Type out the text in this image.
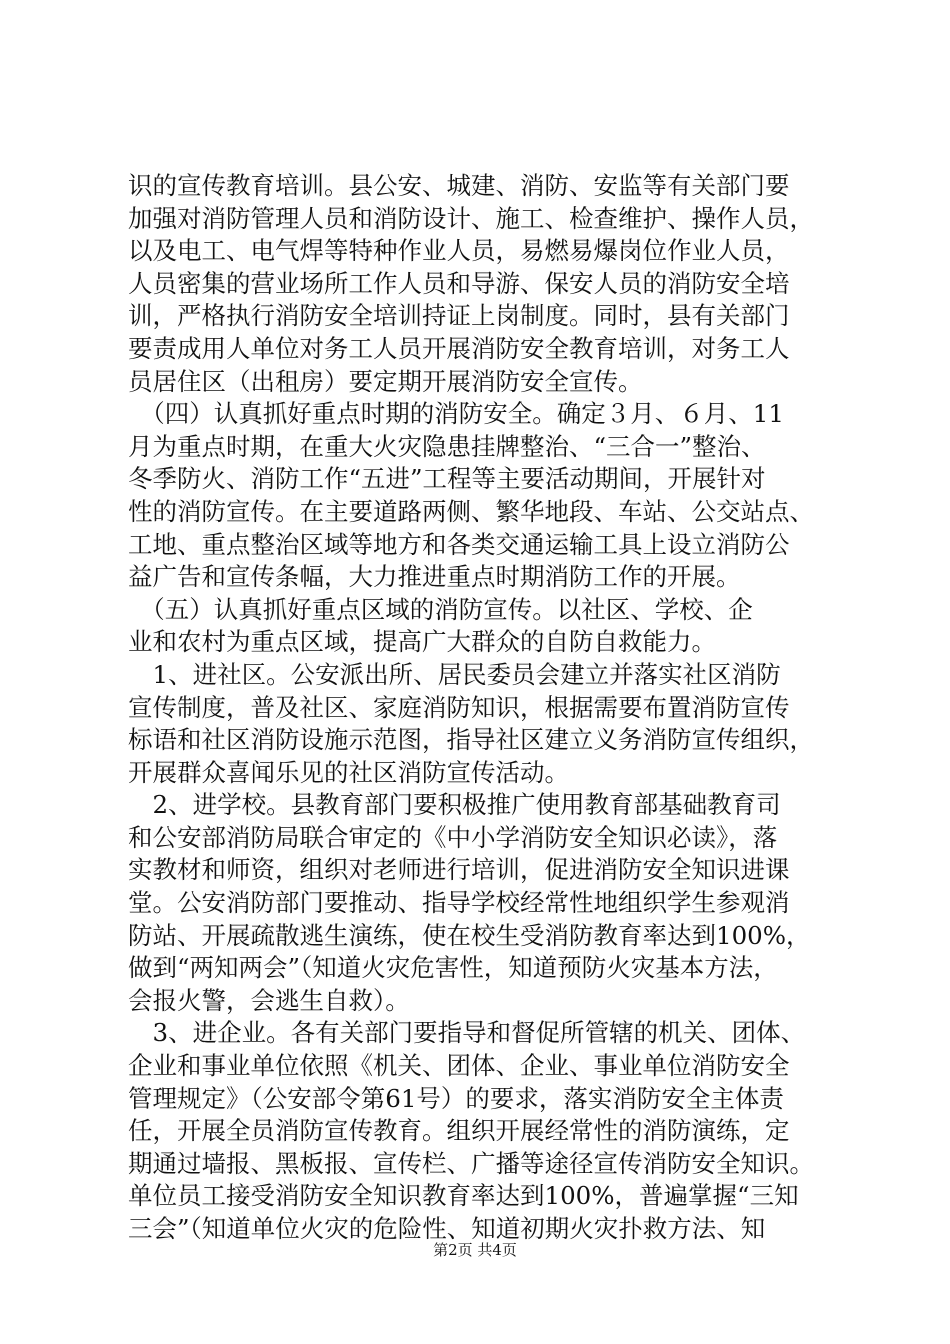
识的宣传教育培训。县公安、城建、消防、安监等有关部门要
加强对消防管理人员和消防设计、施工、检查维护、操作人员，
以及电工、电气焊等特种作业人员，易燃易爆岗位作业人员，
人员密集的营业场所工作人员和导游、保安人员的消防安全培
训，严格执行消防安全培训持证上岗制度。同时，县有关部门
要责成用人单位对务工人员开展消防安全教育培训，对务工人
员居住区（出租房）要定期开展消防安全宣传。
　（四）认真抓好重点时期的消防安全。确定３月、６月、11
月为重点时期，在重大火灾隐患挂牌整治、“三合一”整治、
冬季防火、消防工作“五进”工程等主要活动期间，开展针对
性的消防宣传。在主要道路两侧、繁华地段、车站、公交站点、
工地、重点整治区域等地方和各类交通运输工具上设立消防公
益广告和宣传条幅，大力推进重点时期消防工作的开展。
　（五）认真抓好重点区域的消防宣传。以社区、学校、企
业和农村为重点区域，提高广大群众的自防自救能力。
　1、进社区。公安派出所、居民委员会建立并落实社区消防
宣传制度，普及社区、家庭消防知识，根据需要布置消防宣传
标语和社区消防设施示范图，指导社区建立义务消防宣传组织，
开展群众喜闻乐见的社区消防宣传活动。
　2、进学校。县教育部门要积极推广使用教育部基础教育司
和公安部消防局联合审定的《中小学消防安全知识必读》，落
实教材和师资，组织对老师进行培训，促进消防安全知识进课
堂。公安消防部门要推动、指导学校经常性地组织学生参观消
防站、开展疏散逃生演练，使在校生受消防教育率达到100%，
做到“两知两会”（知道火灾危害性，知道预防火灾基本方法，
会报火警，会逃生自救）。
　3、进企业。各有关部门要指导和督促所管辖的机关、团体、
企业和事业单位依照《机关、团体、企业、事业单位消防安全
管理规定》（公安部令第61号）的要求，落实消防安全主体责
任，开展全员消防宣传教育。组织开展经常性的消防演练，定
期通过墙报、黑板报、宣传栏、广播等途径宣传消防安全知识。
单位员工接受消防安全知识教育率达到100%，普遍掌握“三知
三会”（知道单位火灾的危险性、知道初期火灾扑救方法、知
第2页 共4页
